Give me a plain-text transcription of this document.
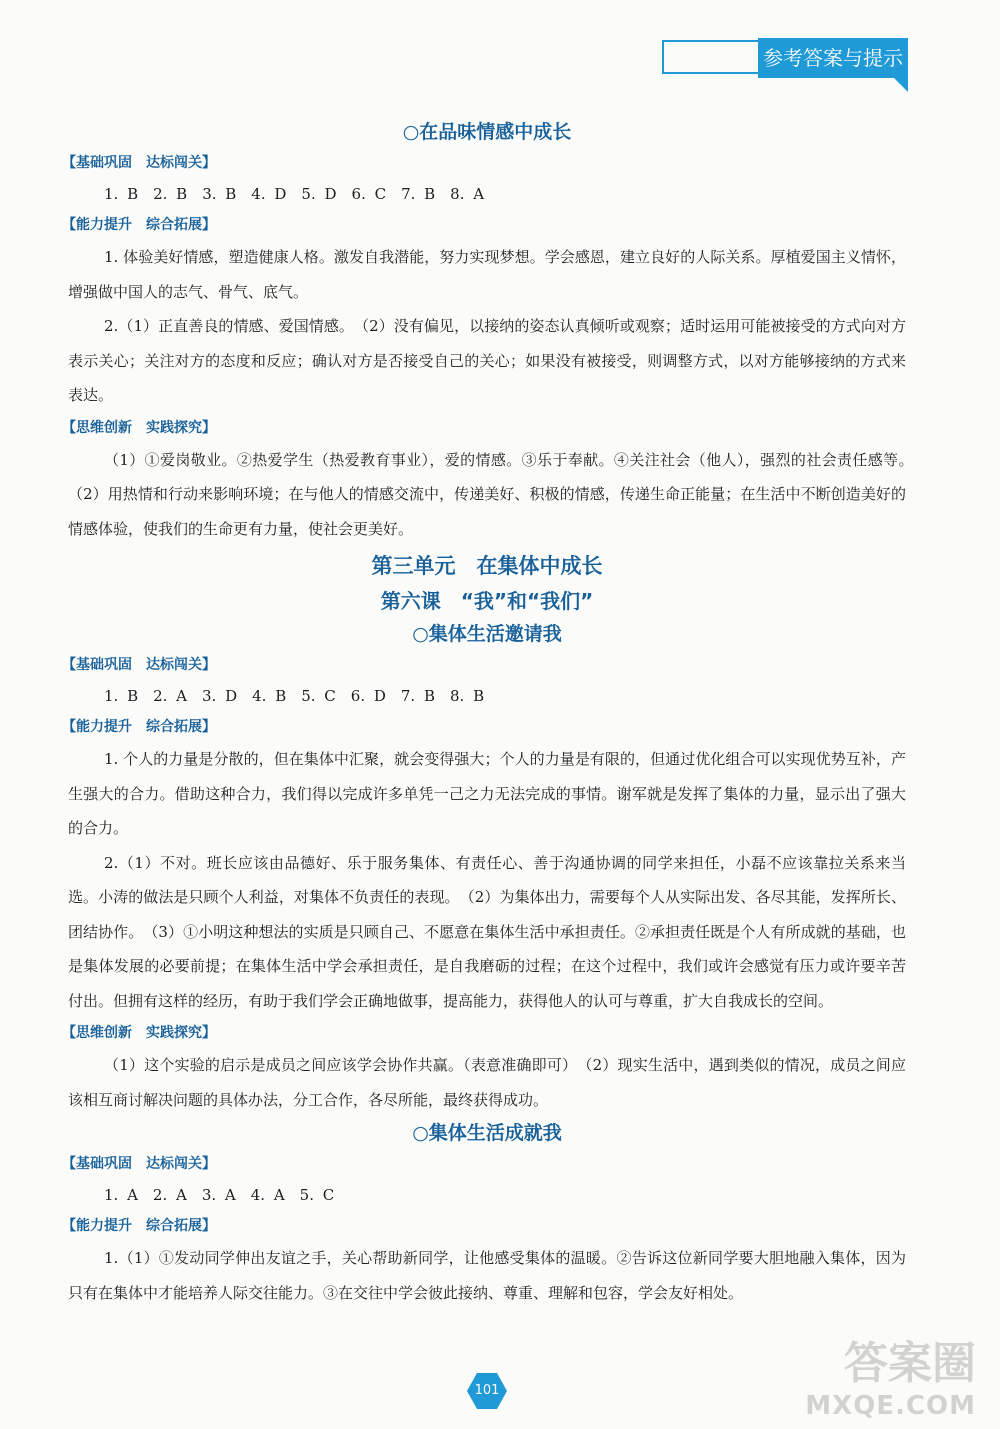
参考答案与提示
○在品味情感中成长
【基础巩固　达标闯关】
1. B　2. B　3. B　4. D　5. D　6. C　7. B　8. A
【能力提升　综合拓展】

1. 体验美好情感，塑造健康人格。激发自我潜能，努力实现梦想。学会感恩，建立良好的人际关系。厚植爱国主义情怀，增强做中国人的志气、骨气、底气。

2.（1）正直善良的情感、爱国情感。　（2）没有偏见，以接纳的姿态认真倾听或观察；适时运用可能被接受的方式向对方表示关心；关注对方的态度和反应；确认对方是否接受自己的关心；如果没有被接受，则调整方式，以对方能够接纳的方式来表达。

【思维创新　实践探究】

（1）①爱岗敬业。②热爱学生（热爱教育事业），爱的情感。③乐于奉献。④关注社会（他人），强烈的社会责任感等。　（2）用热情和行动来影响环境；在与他人的情感交流中，传递美好、积极的情感，传递生命正能量；在生活中不断创造美好的情感体验，使我们的生命更有力量，使社会更美好。

第三单元　在集体中成长
第六课　“我”和“我们”
○集体生活邀请我
【基础巩固　达标闯关】
1. B　2. A　3. D　4. B　5. C　6. D　7. B　8. B
【能力提升　综合拓展】

1. 个人的力量是分散的，但在集体中汇聚，就会变得强大；个人的力量是有限的，但通过优化组合可以实现优势互补，产生强大的合力。借助这种合力，我们得以完成许多单凭一己之力无法完成的事情。谢军就是发挥了集体的力量，显示出了强大的合力。

2.（1）不对。班长应该由品德好、乐于服务集体、有责任心、善于沟通协调的同学来担任，小磊不应该靠拉关系来当选。小涛的做法是只顾个人利益，对集体不负责任的表现。　（2）为集体出力，需要每个人从实际出发、各尽其能，发挥所长、团结协作。　（3）①小明这种想法的实质是只顾自己、不愿意在集体生活中承担责任。②承担责任既是个人有所成就的基础，也是集体发展的必要前提；在集体生活中学会承担责任，是自我磨砺的过程；在这个过程中，我们或许会感觉有压力或许要辛苦付出。但拥有这样的经历，有助于我们学会正确地做事，提高能力，获得他人的认可与尊重，扩大自我成长的空间。

【思维创新　实践探究】

（1）这个实验的启示是成员之间应该学会协作共赢。（表意准确即可）　（2）现实生活中，遇到类似的情况，成员之间应该相互商讨解决问题的具体办法，分工合作，各尽所能，最终获得成功。

○集体生活成就我
【基础巩固　达标闯关】
1. A　2. A　3. A　4. A　5. C
【能力提升　综合拓展】

1.（1）①发动同学伸出友谊之手，关心帮助新同学，让他感受集体的温暖。②告诉这位新同学要大胆地融入集体，因为只有在集体中才能培养人际交往能力。③在交往中学会彼此接纳、尊重、理解和包容，学会友好相处。

101
答案圈
MXQE.COM
